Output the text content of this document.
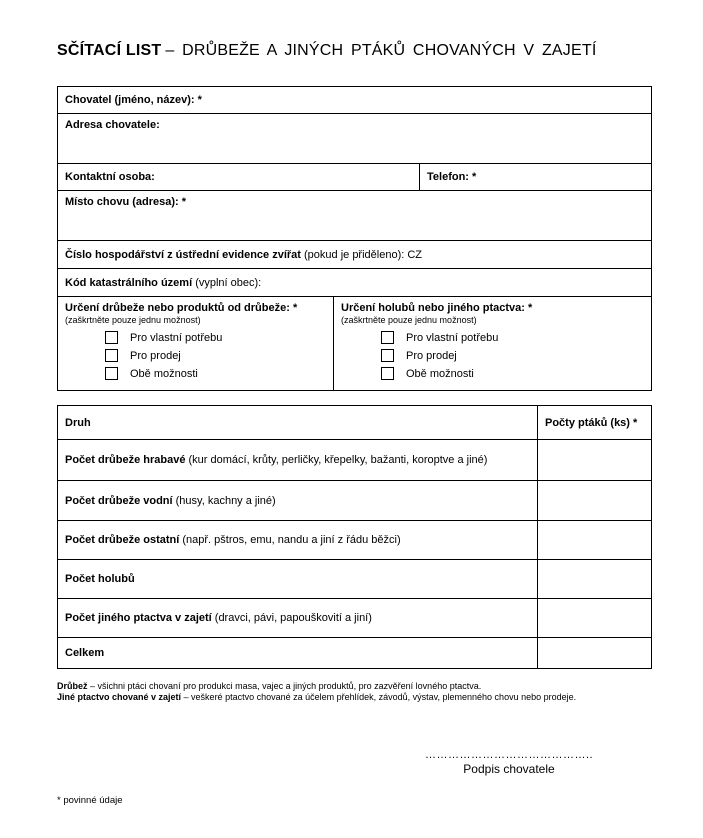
SČÍTACÍ LIST – DRŮBEŽE A JINÝCH PTÁKŮ CHOVANÝCH V ZAJETÍ
Chovatel (jméno, název): *
Adresa chovatele:
Kontaktní osoba:	Telefon: *
Místo chovu (adresa): *
Číslo hospodářství z ústřední evidence zvířat (pokud je přiděleno): CZ
Kód katastrálního území (vyplní obec):
Určení drůbeže nebo produktů od drůbeže: *
(zaškrtněte pouze jednu možnost)
Pro vlastní potřebu
Pro prodej
Obě možnosti
Určení holubů nebo jiného ptactva: *
(zaškrtněte pouze jednu možnost)
Pro vlastní potřebu
Pro prodej
Obě možnosti
Druh	Počty ptáků (ks) *
Počet drůbeže hrabavé (kur domácí, krůty, perličky, křepelky, bažanti, koroptve a jiné)
Počet drůbeže vodní (husy, kachny a jiné)
Počet drůbeže ostatní (např. pštros, emu, nandu a jiní z řádu běžci)
Počet holubů
Počet jiného ptactva v zajetí (dravci, pávi, papouškovití a jiní)
Celkem
Drůbež – všichni ptáci chovaní pro produkci masa, vajec a jiných produktů, pro zazvěření lovného ptactva.
Jiné ptactvo chované v zajetí – veškeré ptactvo chované za účelem přehlídek, závodů, výstav, plemenného chovu nebo prodeje.
……………………………………..
Podpis chovatele
* povinné údaje
